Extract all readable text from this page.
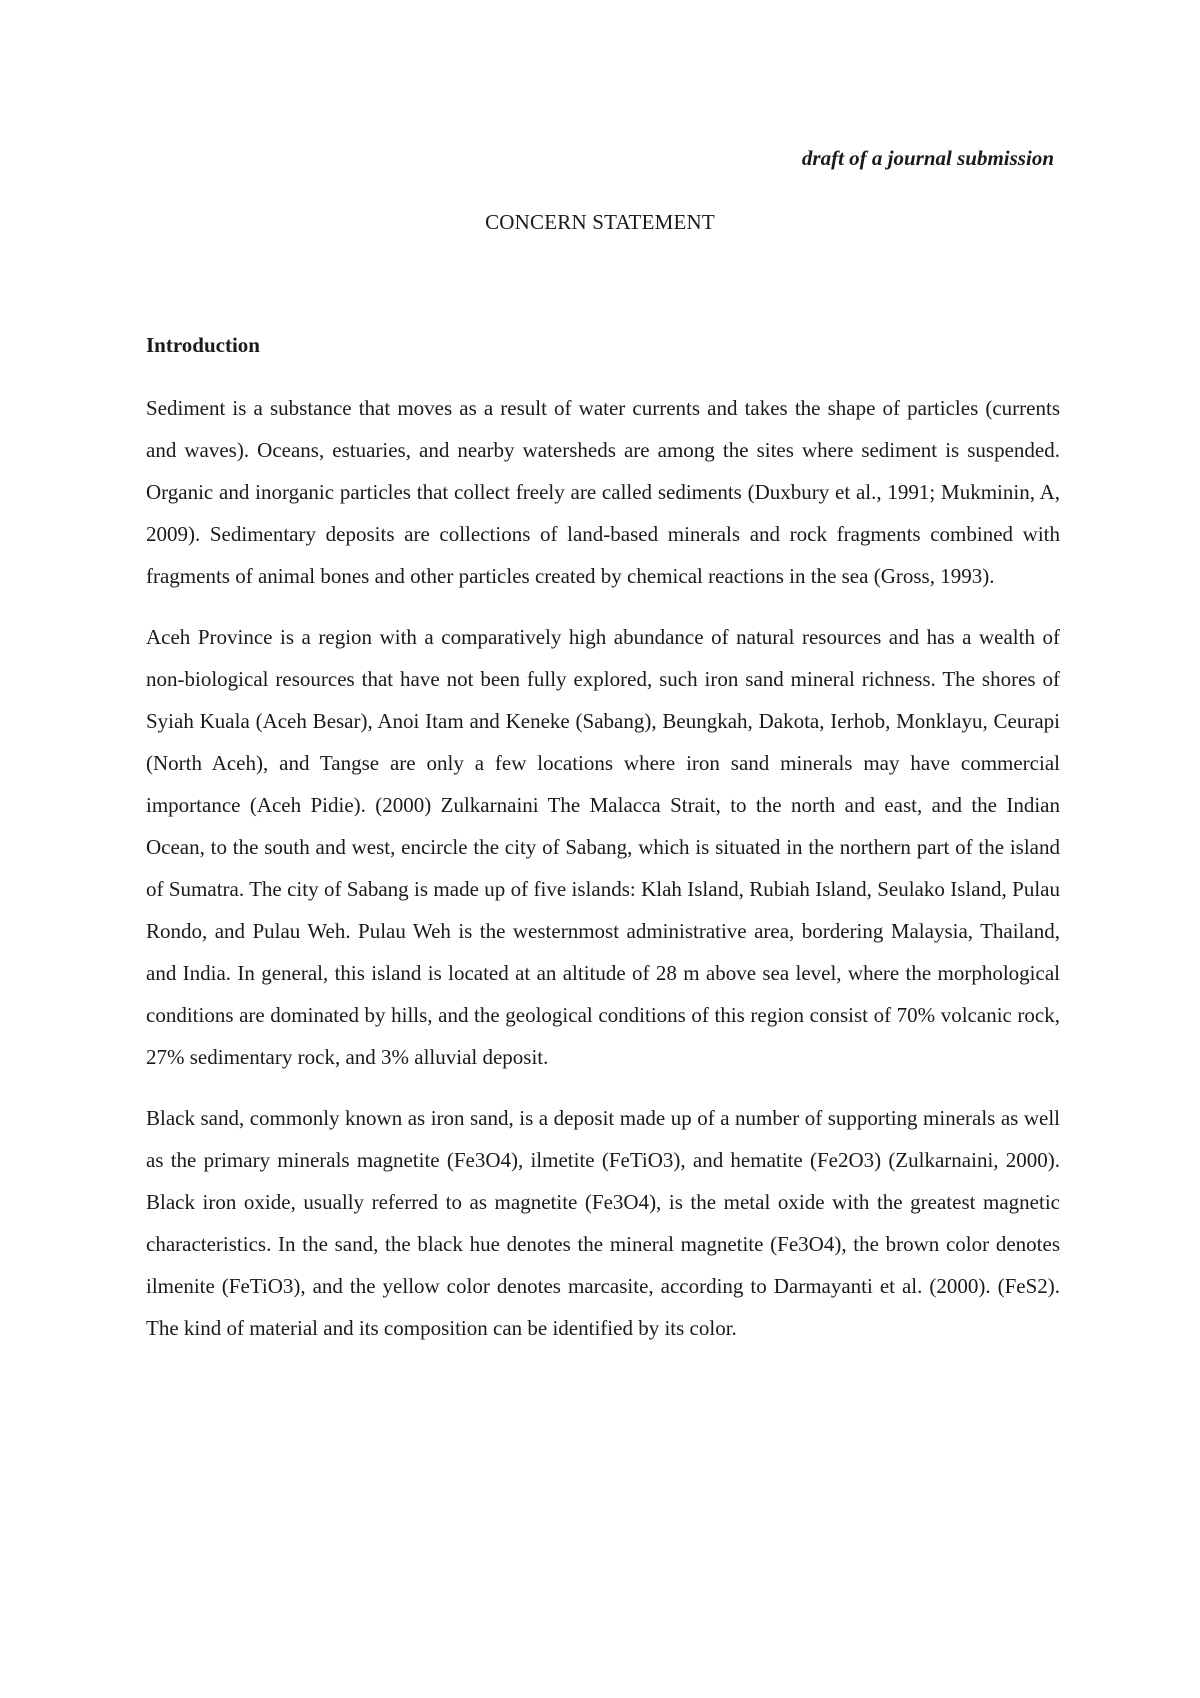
draft of a journal submission

CONCERN STATEMENT
Introduction

Sediment is a substance that moves as a result of water currents and takes the shape of particles (currents and waves). Oceans, estuaries, and nearby watersheds are among the sites where sediment is suspended. Organic and inorganic particles that collect freely are called sediments (Duxbury et al., 1991; Mukminin, A, 2009). Sedimentary deposits are collections of land-based minerals and rock fragments combined with fragments of animal bones and other particles created by chemical reactions in the sea (Gross, 1993).

Aceh Province is a region with a comparatively high abundance of natural resources and has a wealth of non-biological resources that have not been fully explored, such iron sand mineral richness. The shores of Syiah Kuala (Aceh Besar), Anoi Itam and Keneke (Sabang), Beungkah, Dakota, Ierhob, Monklayu, Ceurapi (North Aceh), and Tangse are only a few locations where iron sand minerals may have commercial importance (Aceh Pidie). (2000) Zulkarnaini The Malacca Strait, to the north and east, and the Indian Ocean, to the south and west, encircle the city of Sabang, which is situated in the northern part of the island of Sumatra. The city of Sabang is made up of five islands: Klah Island, Rubiah Island, Seulako Island, Pulau Rondo, and Pulau Weh. Pulau Weh is the westernmost administrative area, bordering Malaysia, Thailand, and India. In general, this island is located at an altitude of 28 m above sea level, where the morphological conditions are dominated by hills, and the geological conditions of this region consist of 70% volcanic rock, 27% sedimentary rock, and 3% alluvial deposit.

Black sand, commonly known as iron sand, is a deposit made up of a number of supporting minerals as well as the primary minerals magnetite (Fe3O4), ilmetite (FeTiO3), and hematite (Fe2O3) (Zulkarnaini, 2000). Black iron oxide, usually referred to as magnetite (Fe3O4), is the metal oxide with the greatest magnetic characteristics. In the sand, the black hue denotes the mineral magnetite (Fe3O4), the brown color denotes ilmenite (FeTiO3), and the yellow color denotes marcasite, according to Darmayanti et al. (2000). (FeS2). The kind of material and its composition can be identified by its color.
